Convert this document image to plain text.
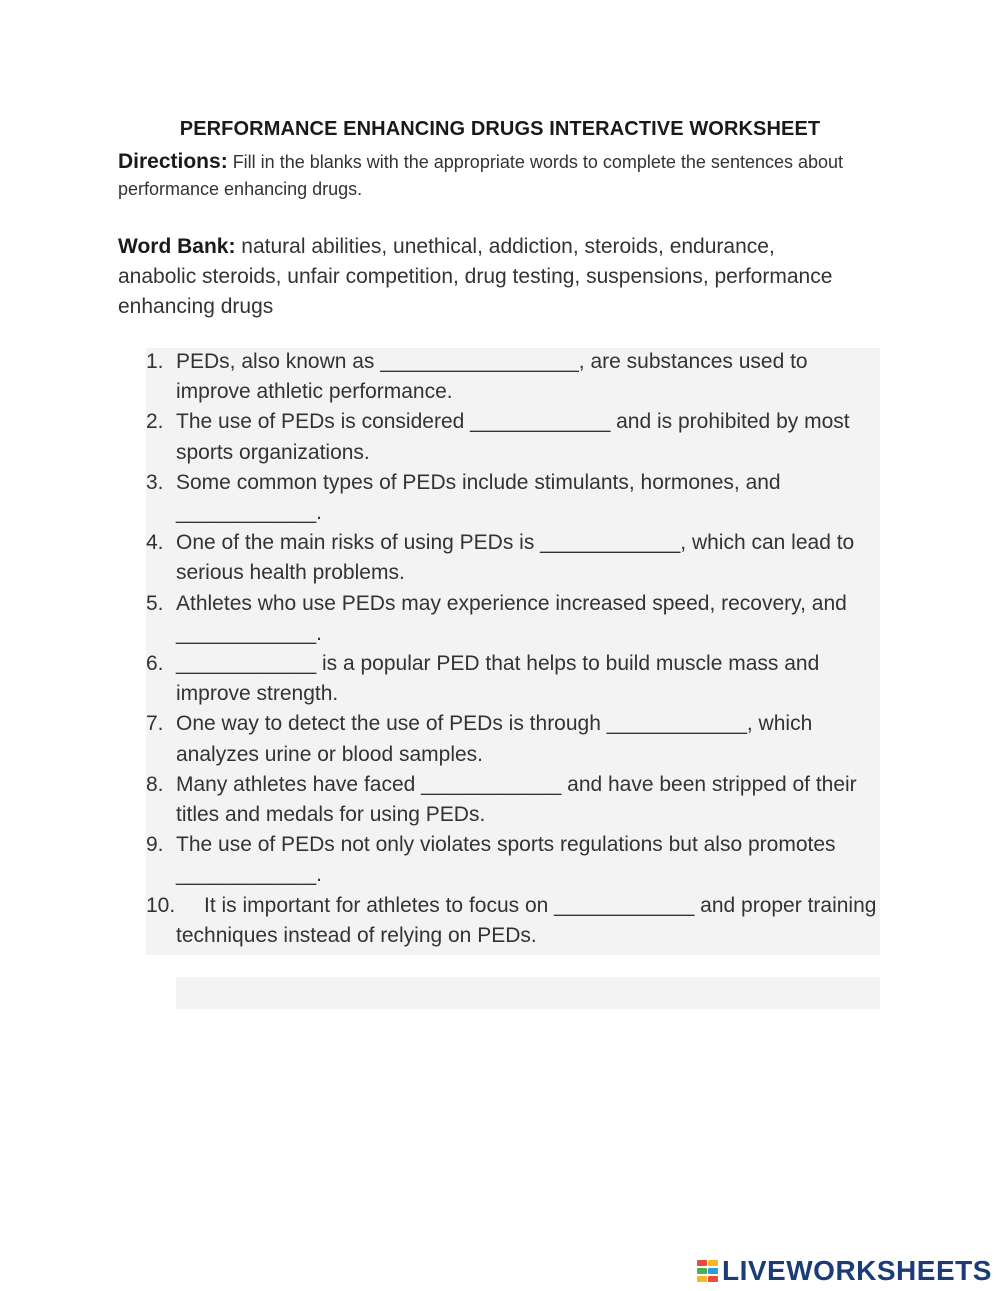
PERFORMANCE ENHANCING DRUGS INTERACTIVE WORKSHEET

Directions: Fill in the blanks with the appropriate words to complete the sentences about performance enhancing drugs.

Word Bank: natural abilities, unethical, addiction, steroids, endurance, anabolic steroids, unfair competition, drug testing, suspensions, performance enhancing drugs

1. PEDs, also known as _________________, are substances used to improve athletic performance.
2. The use of PEDs is considered ____________ and is prohibited by most sports organizations.
3. Some common types of PEDs include stimulants, hormones, and ____________.
4. One of the main risks of using PEDs is ____________, which can lead to serious health problems.
5. Athletes who use PEDs may experience increased speed, recovery, and ____________.
6. ____________ is a popular PED that helps to build muscle mass and improve strength.
7. One way to detect the use of PEDs is through ____________, which analyzes urine or blood samples.
8. Many athletes have faced ____________ and have been stripped of their titles and medals for using PEDs.
9. The use of PEDs not only violates sports regulations but also promotes ____________.
10. It is important for athletes to focus on ____________ and proper training techniques instead of relying on PEDs.
LIVEWORKSHEETS
